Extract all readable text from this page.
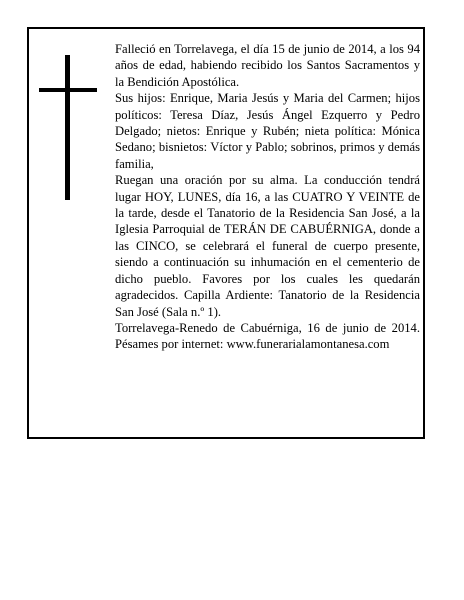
Falleció en Torrelavega, el día 15 de junio de 2014, a los 94 años de edad, habiendo recibido los Santos Sacramentos y la Bendición Apostólica.

Sus hijos: Enrique, Maria Jesús y Maria del Carmen; hijos políticos: Teresa Díaz, Jesús Ángel Ezquerro y Pedro Delgado; nietos: Enrique y Rubén; nieta política: Mónica Sedano; bisnietos: Víctor y Pablo; sobrinos, primos y demás familia,

Ruegan una oración por su alma. La conducción tendrá lugar HOY, LUNES, día 16, a las CUATRO Y VEINTE de la tarde, desde el Tanatorio de la Residencia San José, a la Iglesia Parroquial de TERÁN DE CABUÉRNIGA, donde a las CINCO, se celebrará el funeral de cuerpo presente, siendo a continuación su inhumación en el cementerio de dicho pueblo. Favores por los cuales les quedarán agradecidos. Capilla Ardiente: Tanatorio de la Residencia San José (Sala n.º 1).

Torrelavega-Renedo de Cabuérniga, 16 de junio de 2014. Pésames por internet: www.funerarialamontanesa.com
